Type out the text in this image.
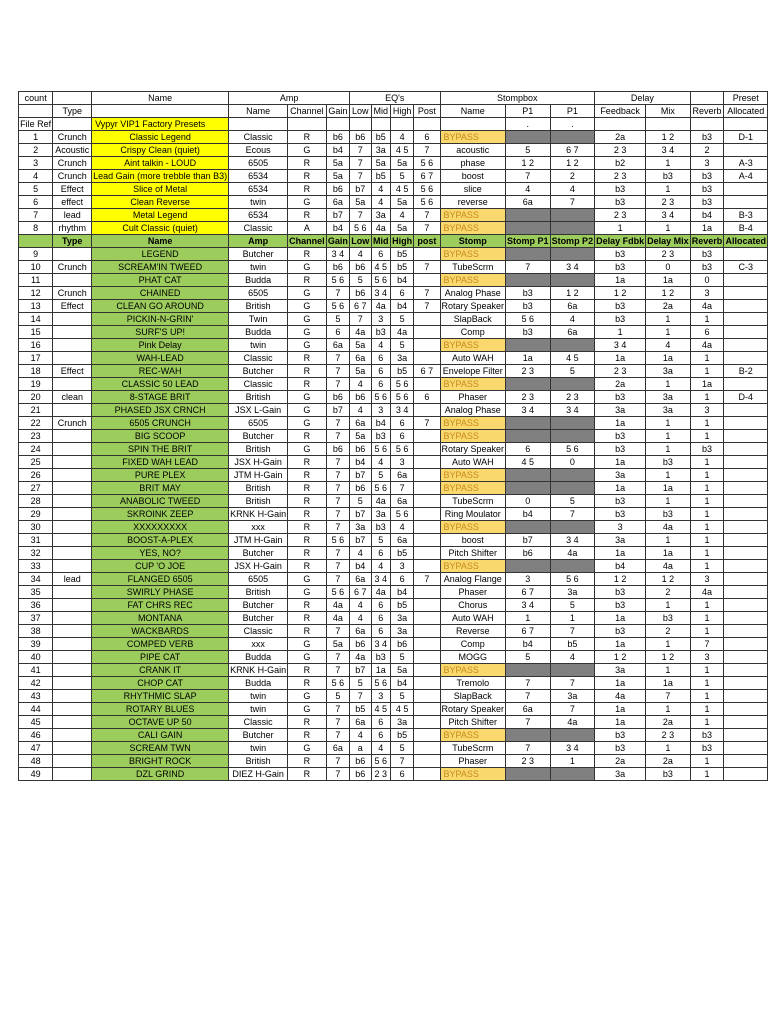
count		Name	Amp			EQ's				Stompbox			Delay			Preset
	Type		Name	Channel	Gain	Low	Mid	High	Post	Name	P1	P1	Feedback	Mix	Reverb	Allocated
File Ref		Vypyr VIP1 Factory Presets									.	.				
1	Crunch	Classic Legend	Classic	R	b6	b6	b5	4	6	BYPASS			2a	1 2	b3	D-1
2	Acoustic	Crispy Clean (quiet)	Ecous	G	b4	7	3a	4 5	7	acoustic	5	6 7	2 3	3 4	2	
3	Crunch	Aint talkin - LOUD	6505	R	5a	7	5a	5a	5 6	phase	1 2	1 2	b2	1	3	A-3
4	Crunch	Lead Gain (more trebble than B3)	6534	R	5a	7	b5	5	6 7	boost	7	2	2 3	b3	b3	A-4
5	Effect	Slice of Metal	6534	R	b6	b7	4	4 5	5 6	slice	4	4	b3	1	b3	
6	effect	Clean Reverse	twin	G	6a	5a	4	5a	5 6	reverse	6a	7	b3	2 3	b3	
7	lead	Metal Legend	6534	R	b7	7	3a	4	7	BYPASS			2 3	3 4	b4	B-3
8	rhythm	Cult Classic (quiet)	Classic	A	b4	5 6	4a	5a	7	BYPASS			1	1	1a	B-4
	Type	Name	Amp	Channel	Gain	Low	Mid	High	post	Stomp	Stomp P1	Stomp P2	Delay Fdbk	Delay Mix	Reverb	Allocated
9		LEGEND	Butcher	R	3 4	4	6	b5		BYPASS			b3	2 3	b3	
10	Crunch	SCREAM'IN TWEED	twin	G	b6	b6	4 5	b5	7	TubeScrm	7	3 4	b3	0	b3	C-3
11		PHAT CAT	Budda	R	5 6	5	5 6	b4		BYPASS			1a	1a	0	
12	Crunch	CHAINED	6505	G	7	b6	3 4	6	7	Analog Phase	b3	1 2	1 2	1 2	3	
13	Effect	CLEAN GO AROUND	British	G	5 6	6 7	4a	b4	7	Rotary Speaker	b3	6a	b3	2a	4a	
14		PICKIN-N-GRIN'	Twin	G	5	7	3	5		SlapBack	5 6	4	b3	1	1	
15		SURF'S UP!	Budda	G	6	4a	b3	4a		Comp	b3	6a	1	1	6	
16		Pink Delay	twin	G	6a	5a	4	5		BYPASS			3 4	4	4a	
17		WAH-LEAD	Classic	R	7	6a	6	3a		Auto WAH	1a	4 5	1a	1a	1	
18	Effect	REC-WAH	Butcher	R	7	5a	6	b5	6 7	Envelope Filter	2 3	5	2 3	3a	1	B-2
19		CLASSIC 50 LEAD	Classic	R	7	4	6	5 6		BYPASS			2a	1	1a	
20	clean	8-STAGE BRIT	British	G	b6	b6	5 6	5 6	6	Phaser	2 3	2 3	b3	3a	1	D-4
21		PHASED JSX CRNCH	JSX L-Gain	G	b7	4	3	3 4		Analog Phase	3 4	3 4	3a	3a	3	
22	Crunch	6505 CRUNCH	6505	G	7	6a	b4	6	7	BYPASS			1a	1	1	
23		BIG SCOOP	Butcher	R	7	5a	b3	6		BYPASS			b3	1	1	
24		SPIN THE BRIT	British	G	b6	b6	5 6	5 6		Rotary Speaker	6	5 6	b3	1	b3	
25		FIXED WAH LEAD	JSX H-Gain	R	7	b4	4	3		Auto WAH	4 5	0	1a	b3	1	
26		PURE PLEX	JTM H-Gain	R	7	b7	5	6a		BYPASS			3a	1	1	
27		BRIT MAY	British	R	7	b6	5 6	7		BYPASS			1a	1a	1	
28		ANABOLIC TWEED	British	R	7	5	4a	6a		TubeScrm	0	5	b3	1	1	
29		SKROINK ZEEP	KRNK H-Gain	R	7	b7	3a	5 6		Ring Moulator	b4	7	b3	b3	1	
30		XXXXXXXXX	xxx	R	7	3a	b3	4		BYPASS			3	4a	1	
31		BOOST-A-PLEX	JTM H-Gain	R	5 6	b7	5	6a		boost	b7	3 4	3a	1	1	
32		YES, NO?	Butcher	R	7	4	6	b5		Pitch Shifter	b6	4a	1a	1a	1	
33		CUP 'O JOE	JSX H-Gain	R	7	b4	4	3		BYPASS			b4	4a	1	
34	lead	FLANGED 6505	6505	G	7	6a	3 4	6	7	Analog Flange	3	5 6	1 2	1 2	3	
35		SWIRLY PHASE	British	G	5 6	6 7	4a	b4		Phaser	6 7	3a	b3	2	4a	
36		FAT CHRS REC	Butcher	R	4a	4	6	b5		Chorus	3 4	5	b3	1	1	
37		MONTANA	Butcher	R	4a	4	6	3a		Auto WAH	1	1	1a	b3	1	
38		WACKBARDS	Classic	R	7	6a	6	3a		Reverse	6 7	7	b3	2	1	
39		COMPED VERB	xxx	G	5a	b6	3 4	b6		Comp	b4	b5	1a	1	7	
40		PIPE CAT	Budda	G	7	4a	b3	5		MOGG	5	4	1 2	1 2	3	
41		CRANK IT	KRNK H-Gain	R	7	b7	1a	5a		BYPASS			3a	1	1	
42		CHOP CAT	Budda	R	5 6	5	5 6	b4		Tremolo	7	7	1a	1a	1	
43		RHYTHMIC SLAP	twin	G	5	7	3	5		SlapBack	7	3a	4a	7	1	
44		ROTARY BLUES	twin	G	7	b5	4 5	4 5		Rotary Speaker	6a	7	1a	1	1	
45		OCTAVE UP 50	Classic	R	7	6a	6	3a		Pitch Shifter	7	4a	1a	2a	1	
46		CALI GAIN	Butcher	R	7	4	6	b5		BYPASS			b3	2 3	b3	
47		SCREAM TWN	twin	G	6a	a	4	5		TubeScrm	7	3 4	b3	1	b3	
48		BRIGHT ROCK	British	R	7	b6	5 6	7		Phaser	2 3	1	2a	2a	1	
49		DZL GRIND	DIEZ H-Gain	R	7	b6	2 3	6		BYPASS			3a	b3	1	
